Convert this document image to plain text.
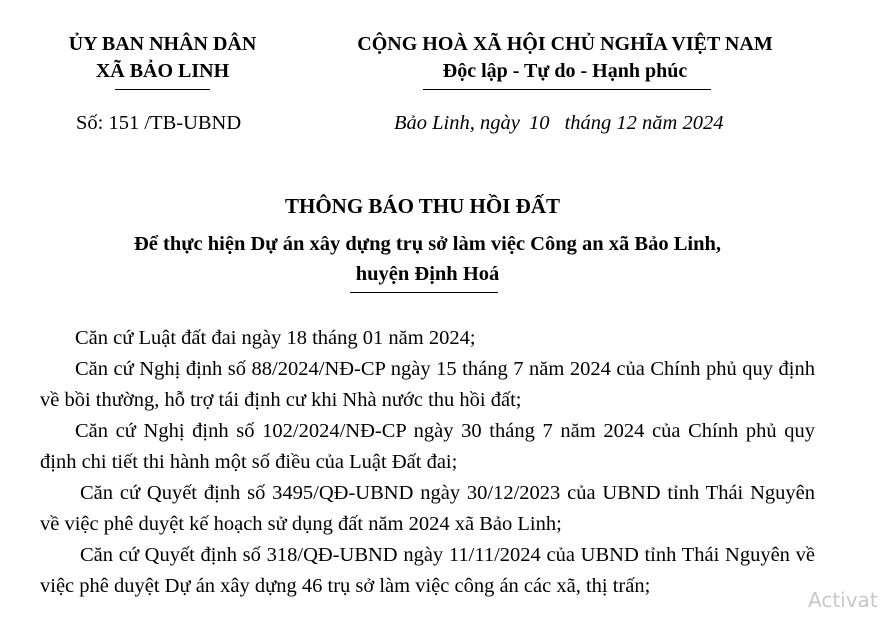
ỦY BAN NHÂN DÂN
XÃ BẢO LINH
CỘNG HOÀ XÃ HỘI CHỦ NGHĨA VIỆT NAM
Độc lập - Tự do - Hạnh phúc
Số: 151 /TB-UBND	Bảo Linh, ngày 10 tháng 12 năm 2024
THÔNG BÁO THU HỒI ĐẤT
Để thực hiện Dự án xây dựng trụ sở làm việc Công an xã Bảo Linh,
huyện Định Hoá
Căn cứ Luật đất đai ngày 18 tháng 01 năm 2024;
Căn cứ Nghị định số 88/2024/NĐ-CP ngày 15 tháng 7 năm 2024 của Chính phủ quy định về bồi thường, hỗ trợ tái định cư khi Nhà nước thu hồi đất;
Căn cứ Nghị định số 102/2024/NĐ-CP ngày 30 tháng 7 năm 2024 của Chính phủ quy định chi tiết thi hành một số điều của Luật Đất đai;
Căn cứ Quyết định số 3495/QĐ-UBND ngày 30/12/2023 của UBND tỉnh Thái Nguyên về việc phê duyệt kế hoạch sử dụng đất năm 2024 xã Bảo Linh;
Căn cứ Quyết định số 318/QĐ-UBND ngày 11/11/2024 của UBND tỉnh Thái Nguyên về việc phê duyệt Dự án xây dựng 46 trụ sở làm việc công án các xã, thị trấn;
Activat
